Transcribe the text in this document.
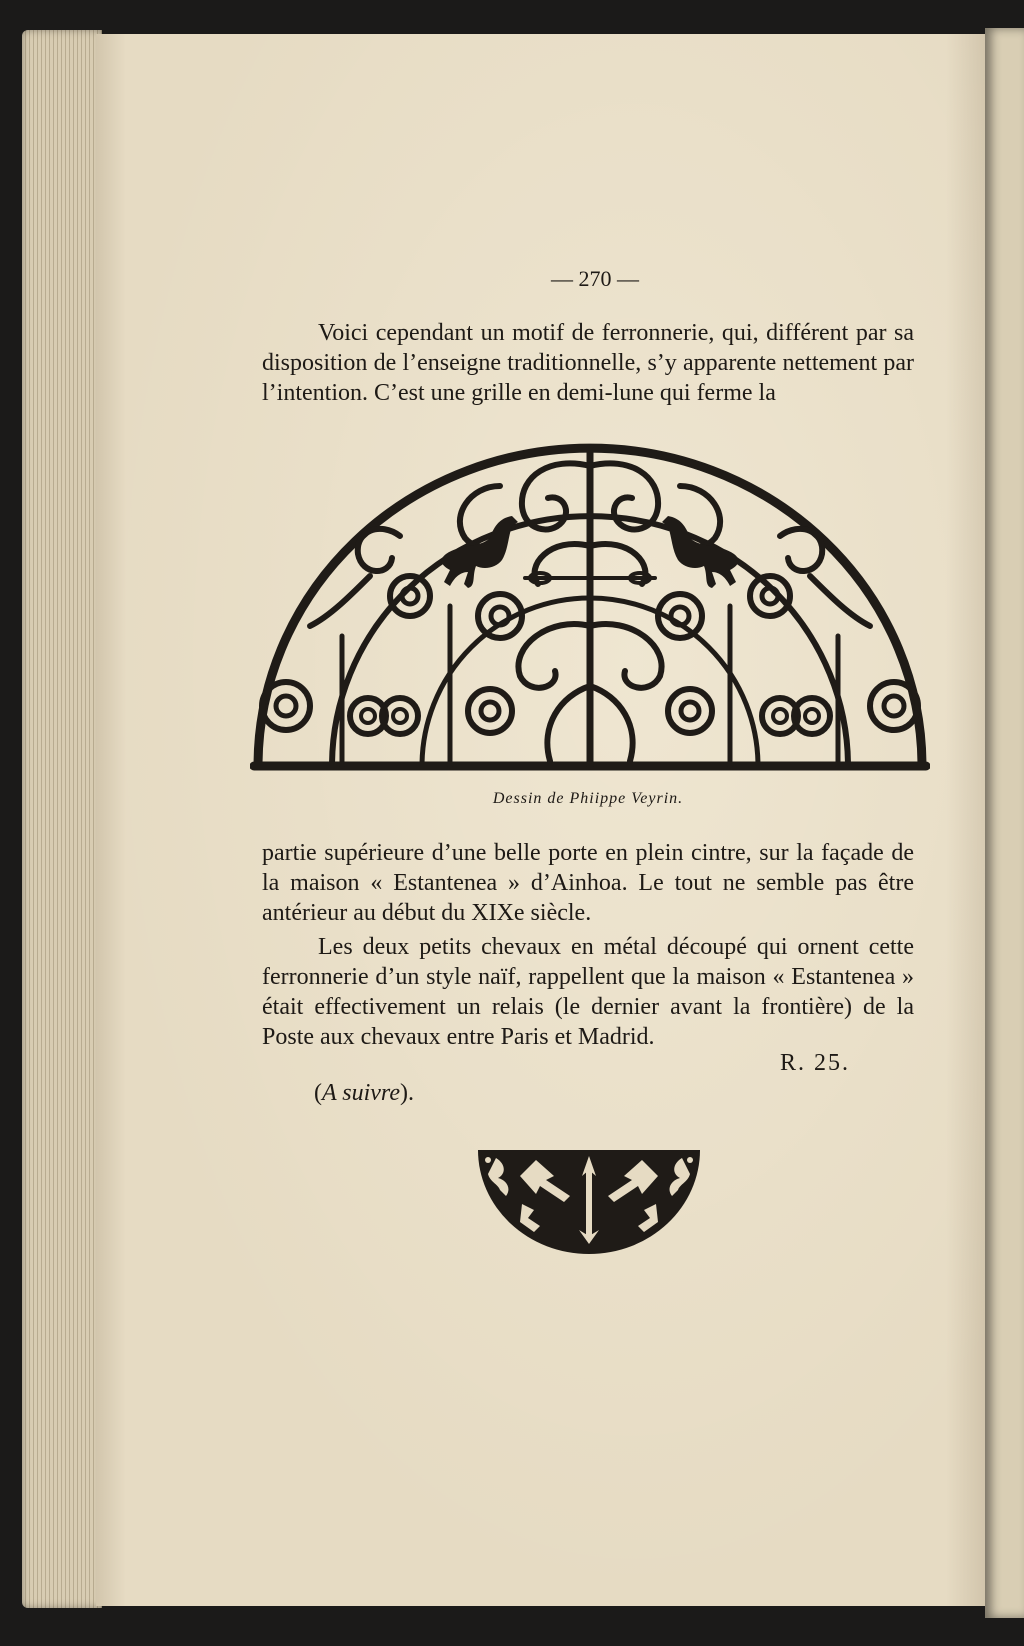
— 270 —

Voici cependant un motif de ferronnerie, qui, différent par sa disposition de l’enseigne traditionnelle, s’y apparente nettement par l’intention. C’est une grille en demi-lune qui ferme la

Dessin de Phiippe Veyrin.

partie supérieure d’une belle porte en plein cintre, sur la façade de la maison « Estantenea » d’Ainhoa. Le tout ne semble pas être antérieur au début du XIXe siècle.

Les deux petits chevaux en métal découpé qui ornent cette ferronnerie d’un style naïf, rappellent que la maison « Estantenea » était effectivement un relais (le dernier avant la frontière) de la Poste aux chevaux entre Paris et Madrid.

R. 25.
(A suivre).
